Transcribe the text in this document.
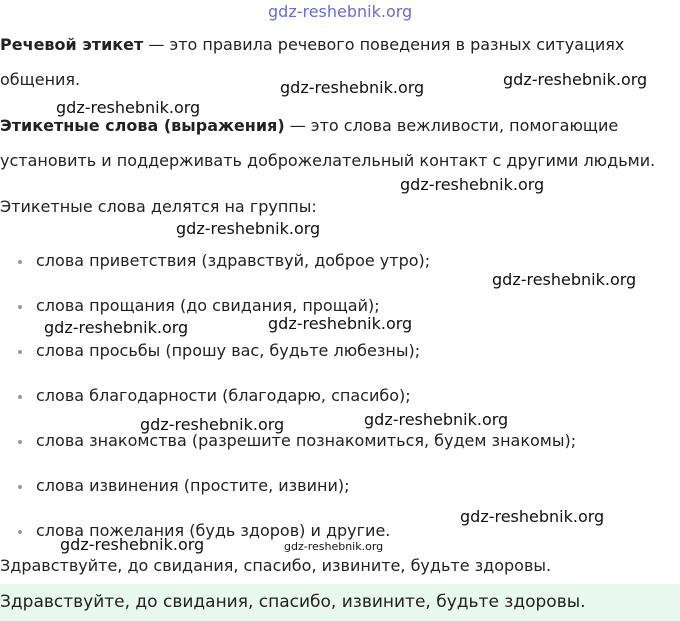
gdz-reshebnik.org

Речевой этикет — это правила речевого поведения в разных ситуациях

общения.

Этикетные слова (выражения) — это слова вежливости, помогающие

установить и поддерживать доброжелательный контакт с другими людьми.

Этикетные слова делятся на группы:

слова приветствия (здравствуй, доброе утро);
слова прощания (до свидания, прощай);
слова просьбы (прошу вас, будьте любезны);
слова благодарности (благодарю, спасибо);
слова знакомства (разрешите познакомиться, будем знакомы);
слова извинения (простите, извини);
слова пожелания (будь здоров) и другие.

Здравствуйте, до свидания, спасибо, извините, будьте здоровы.

Здравствуйте, до свидания, спасибо, извините, будьте здоровы.
gdz-reshebnik.org	gdz-reshebnik.org
gdz-reshebnik.org
gdz-reshebnik.org
gdz-reshebnik.org
gdz-reshebnik.org
gdz-reshebnik.org	gdz-reshebnik.org
gdz-reshebnik.org	gdz-reshebnik.org
gdz-reshebnik.org
gdz-reshebnik.org	gdz-reshebnik.org
